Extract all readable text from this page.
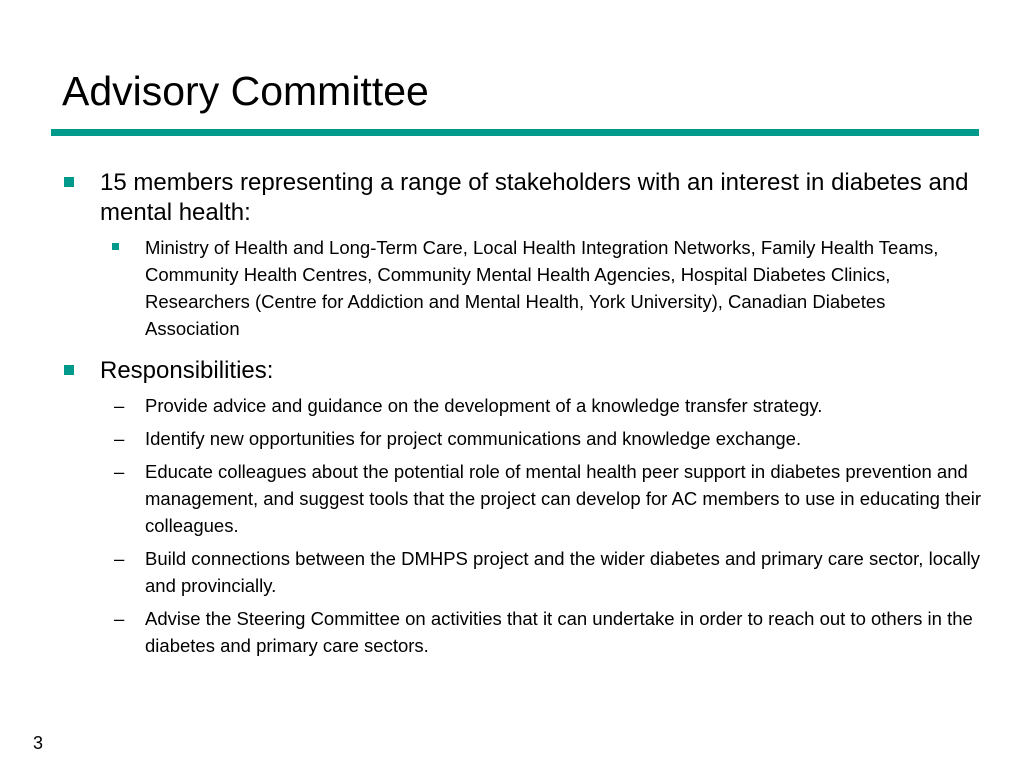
Advisory Committee
15 members representing a range of stakeholders with an interest in diabetes and mental health:
Ministry of Health and Long-Term Care, Local Health Integration Networks, Family Health Teams, Community Health Centres, Community Mental Health Agencies, Hospital Diabetes Clinics, Researchers (Centre for Addiction and Mental Health, York University), Canadian Diabetes Association
Responsibilities:
– Provide advice and guidance on the development of a knowledge transfer strategy.
– Identify new opportunities for project communications and knowledge exchange.
– Educate colleagues about the potential role of mental health peer support in diabetes prevention and management, and suggest tools that the project can develop for AC members to use in educating their colleagues.
– Build connections between the DMHPS project and the wider diabetes and primary care sector, locally and provincially.
– Advise the Steering Committee on activities that it can undertake in order to reach out to others in the diabetes and primary care sectors.
3
